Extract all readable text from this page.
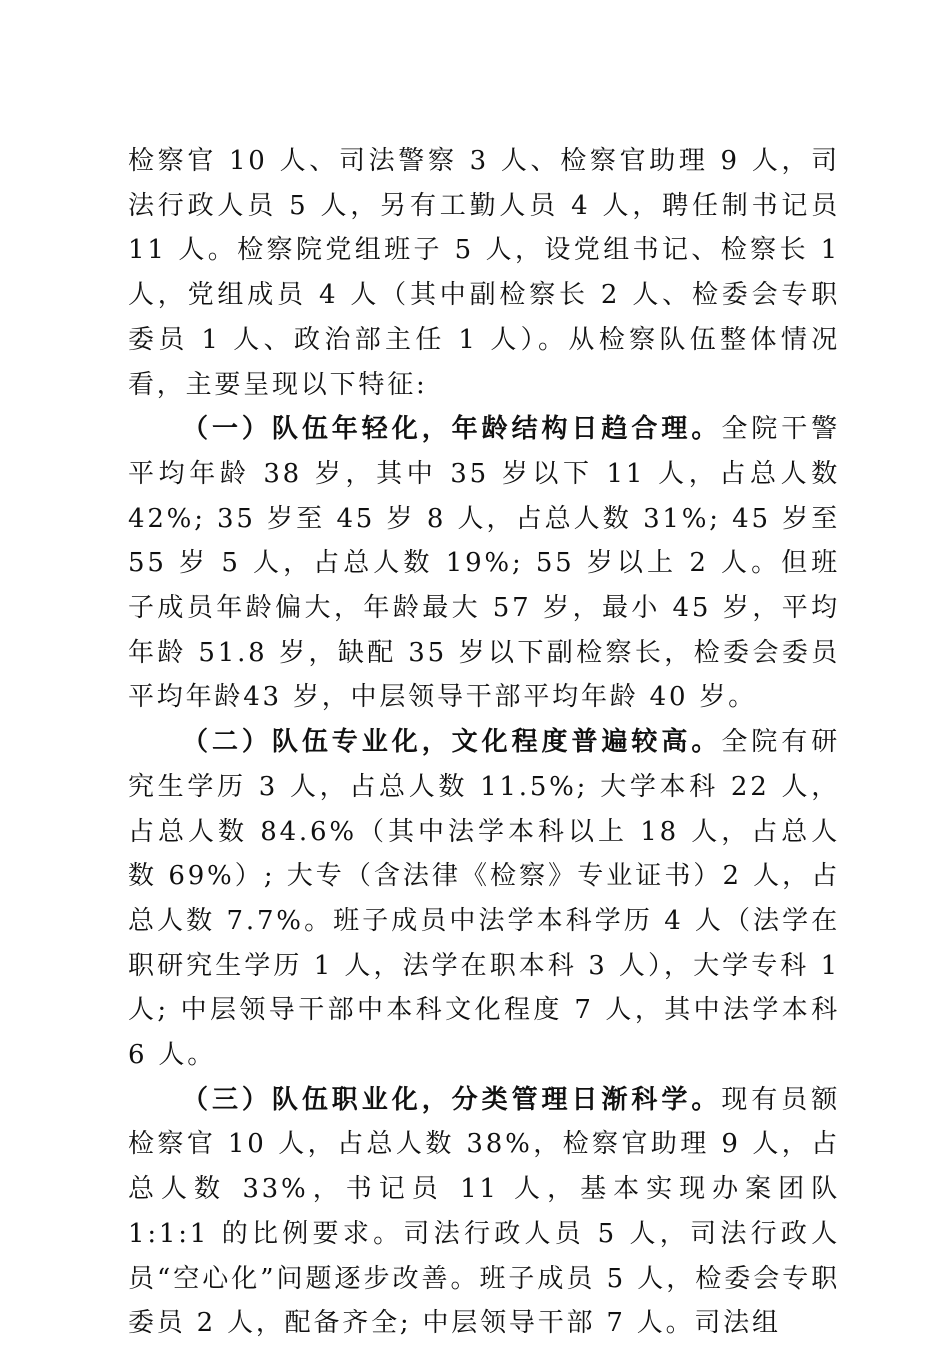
检察官 10 人、司法警察 3 人、检察官助理 9 人，司法行政人员 5 人，另有工勤人员 4 人，聘任制书记员 11 人。检察院党组班子 5 人，设党组书记、检察长 1 人，党组成员 4 人（其中副检察长 2 人、检委会专职委员 1 人、政治部主任 1 人）。从检察队伍整体情况看，主要呈现以下特征:

（一）队伍年轻化，年龄结构日趋合理。全院干警平均年龄 38 岁，其中 35 岁以下 11 人，占总人数 42%; 35 岁至 45 岁 8 人，占总人数 31%; 45 岁至 55 岁 5 人，占总人数 19%; 55 岁以上 2 人。但班子成员年龄偏大，年龄最大 57 岁，最小 45 岁，平均年龄 51.8 岁，缺配 35 岁以下副检察长，检委会委员平均年龄43 岁，中层领导干部平均年龄 40 岁。

（二）队伍专业化，文化程度普遍较高。全院有研究生学历 3 人，占总人数 11.5%; 大学本科 22 人，占总人数 84.6%（其中法学本科以上 18 人，占总人数 69%）; 大专（含法律《检察》专业证书）2 人，占总人数 7.7%。班子成员中法学本科学历 4 人（法学在职研究生学历 1 人，法学在职本科 3 人），大学专科 1 人; 中层领导干部中本科文化程度 7 人，其中法学本科 6 人。

（三）队伍职业化，分类管理日渐科学。现有员额检察官 10 人，占总人数 38%，检察官助理 9 人，占总人数 33%，书记员 11 人，基本实现办案团队 1:1:1 的比例要求。司法行政人员 5 人，司法行政人员“空心化”问题逐步改善。班子成员 5 人，检委会专职委员 2 人，配备齐全; 中层领导干部 7 人。司法组
